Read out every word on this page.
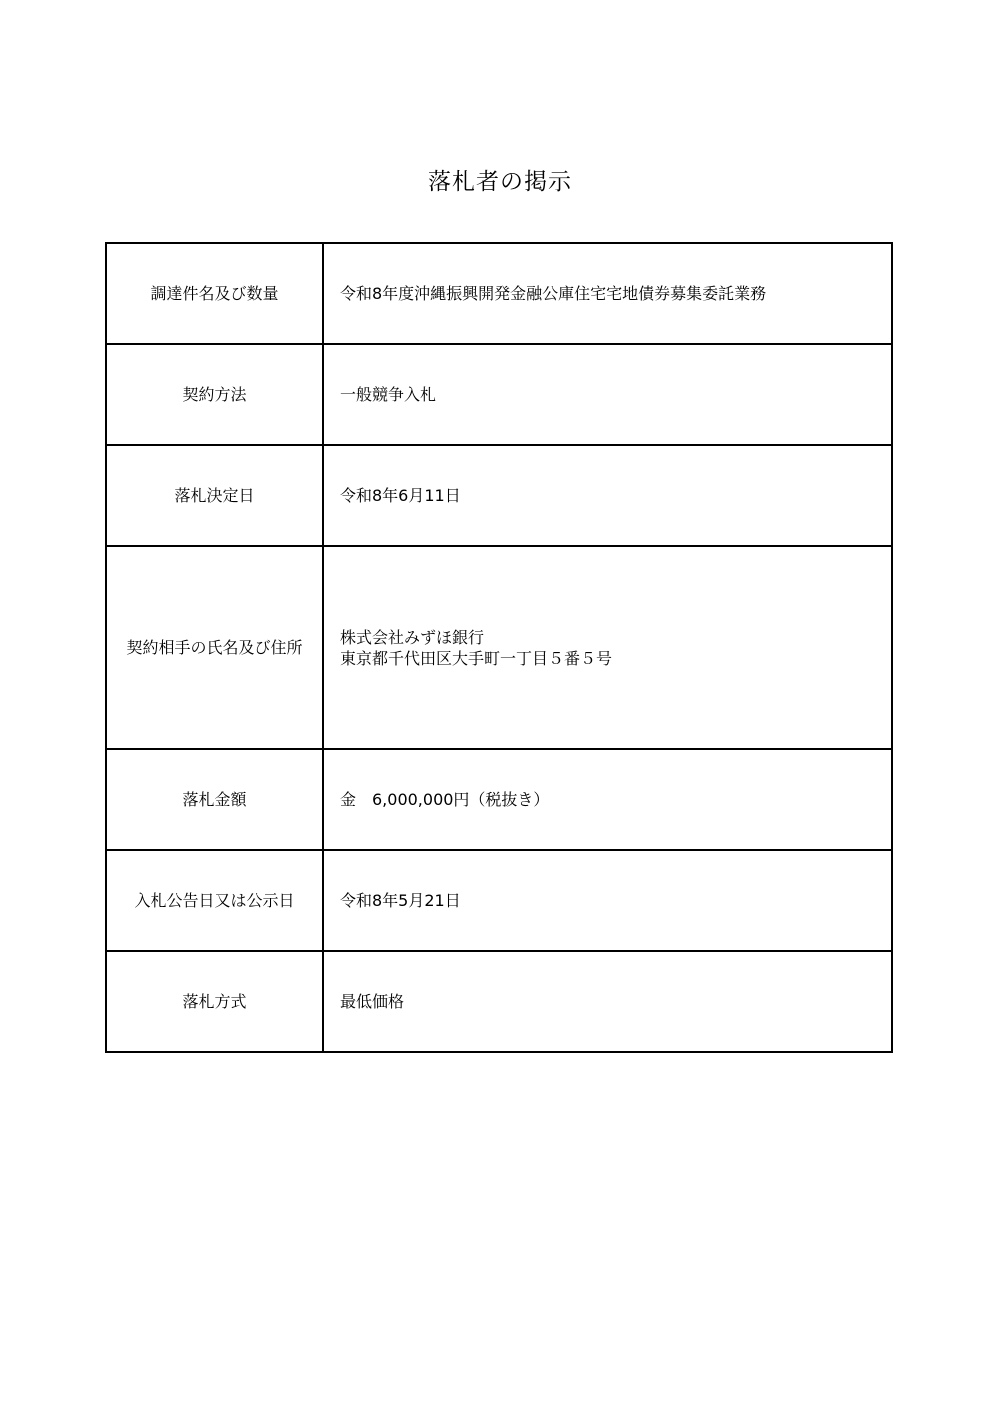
落札者の掲示
調達件名及び数量	令和8年度沖縄振興開発金融公庫住宅宅地債券募集委託業務
契約方法	一般競争入札
落札決定日	令和8年6月11日
契約相手の氏名及び住所	株式会社みずほ銀行
東京都千代田区大手町一丁目５番５号

落札金額	金　6,000,000円（税抜き）
入札公告日又は公示日	令和8年5月21日
落札方式	最低価格
